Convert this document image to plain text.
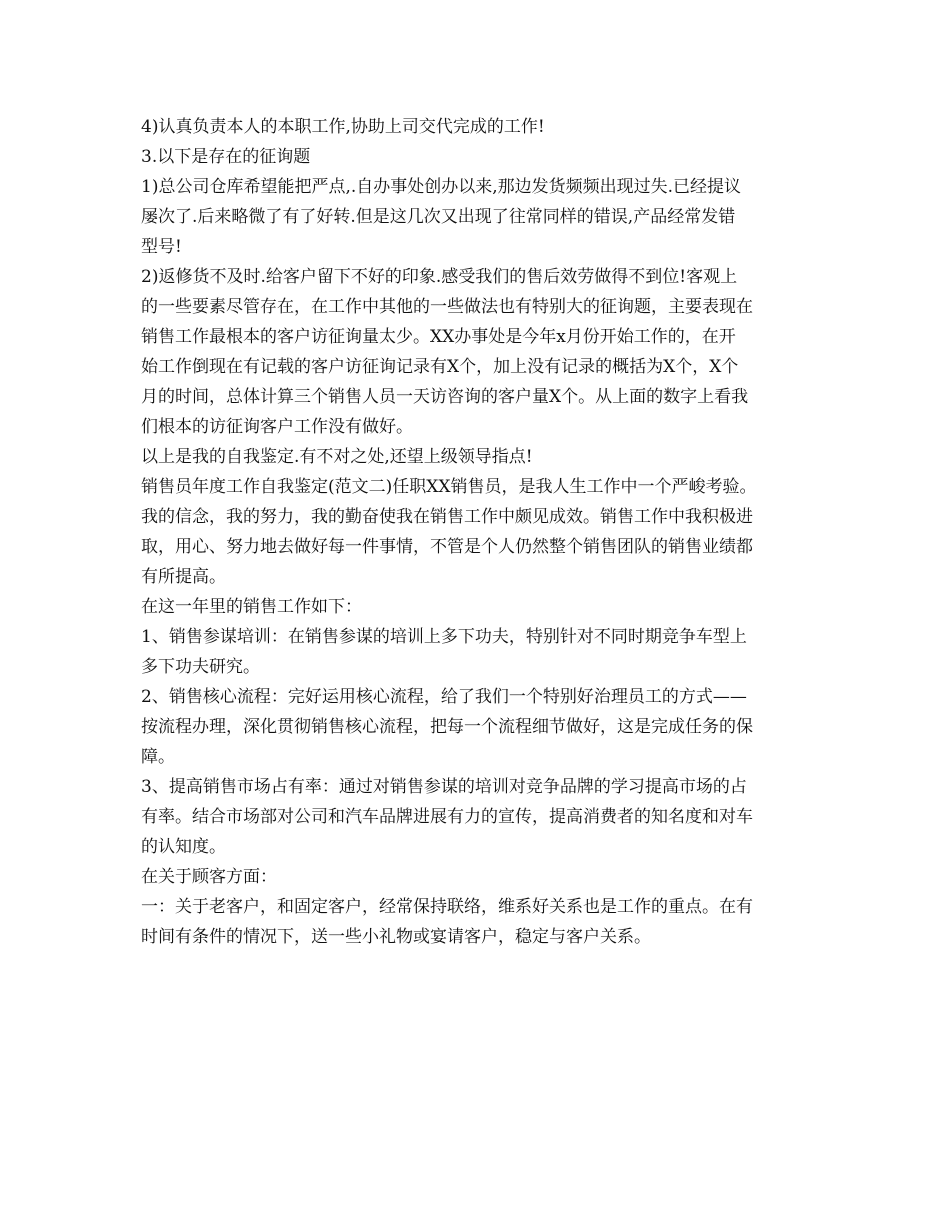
4)认真负责本人的本职工作,协助上司交代完成的工作!
3.以下是存在的征询题
1)总公司仓库希望能把严点,.自办事处创办以来,那边发货频频出现过失.已经提议
屡次了.后来略微了有了好转.但是这几次又出现了往常同样的错误,产品经常发错
型号!
2)返修货不及时.给客户留下不好的印象.感受我们的售后效劳做得不到位!客观上
的一些要素尽管存在，在工作中其他的一些做法也有特别大的征询题，主要表现在
销售工作最根本的客户访征询量太少。XX办事处是今年x月份开始工作的，在开
始工作倒现在有记载的客户访征询记录有X个，加上没有记录的概括为X个，X个
月的时间，总体计算三个销售人员一天访咨询的客户量X个。从上面的数字上看我
们根本的访征询客户工作没有做好。
以上是我的自我鉴定.有不对之处,还望上级领导指点!
销售员年度工作自我鉴定(范文二)任职XX销售员，是我人生工作中一个严峻考验。
我的信念，我的努力，我的勤奋使我在销售工作中颇见成效。销售工作中我积极进
取，用心、努力地去做好每一件事情，不管是个人仍然整个销售团队的销售业绩都
有所提高。
在这一年里的销售工作如下：
1、销售参谋培训：在销售参谋的培训上多下功夫，特别针对不同时期竞争车型上
多下功夫研究。
2、销售核心流程：完好运用核心流程，给了我们一个特别好治理员工的方式——
按流程办理，深化贯彻销售核心流程，把每一个流程细节做好，这是完成任务的保
障。
3、提高销售市场占有率：通过对销售参谋的培训对竞争品牌的学习提高市场的占
有率。结合市场部对公司和汽车品牌进展有力的宣传，提高消费者的知名度和对车
的认知度。
在关于顾客方面：
一：关于老客户，和固定客户，经常保持联络，维系好关系也是工作的重点。在有
时间有条件的情况下，送一些小礼物或宴请客户，稳定与客户关系。
